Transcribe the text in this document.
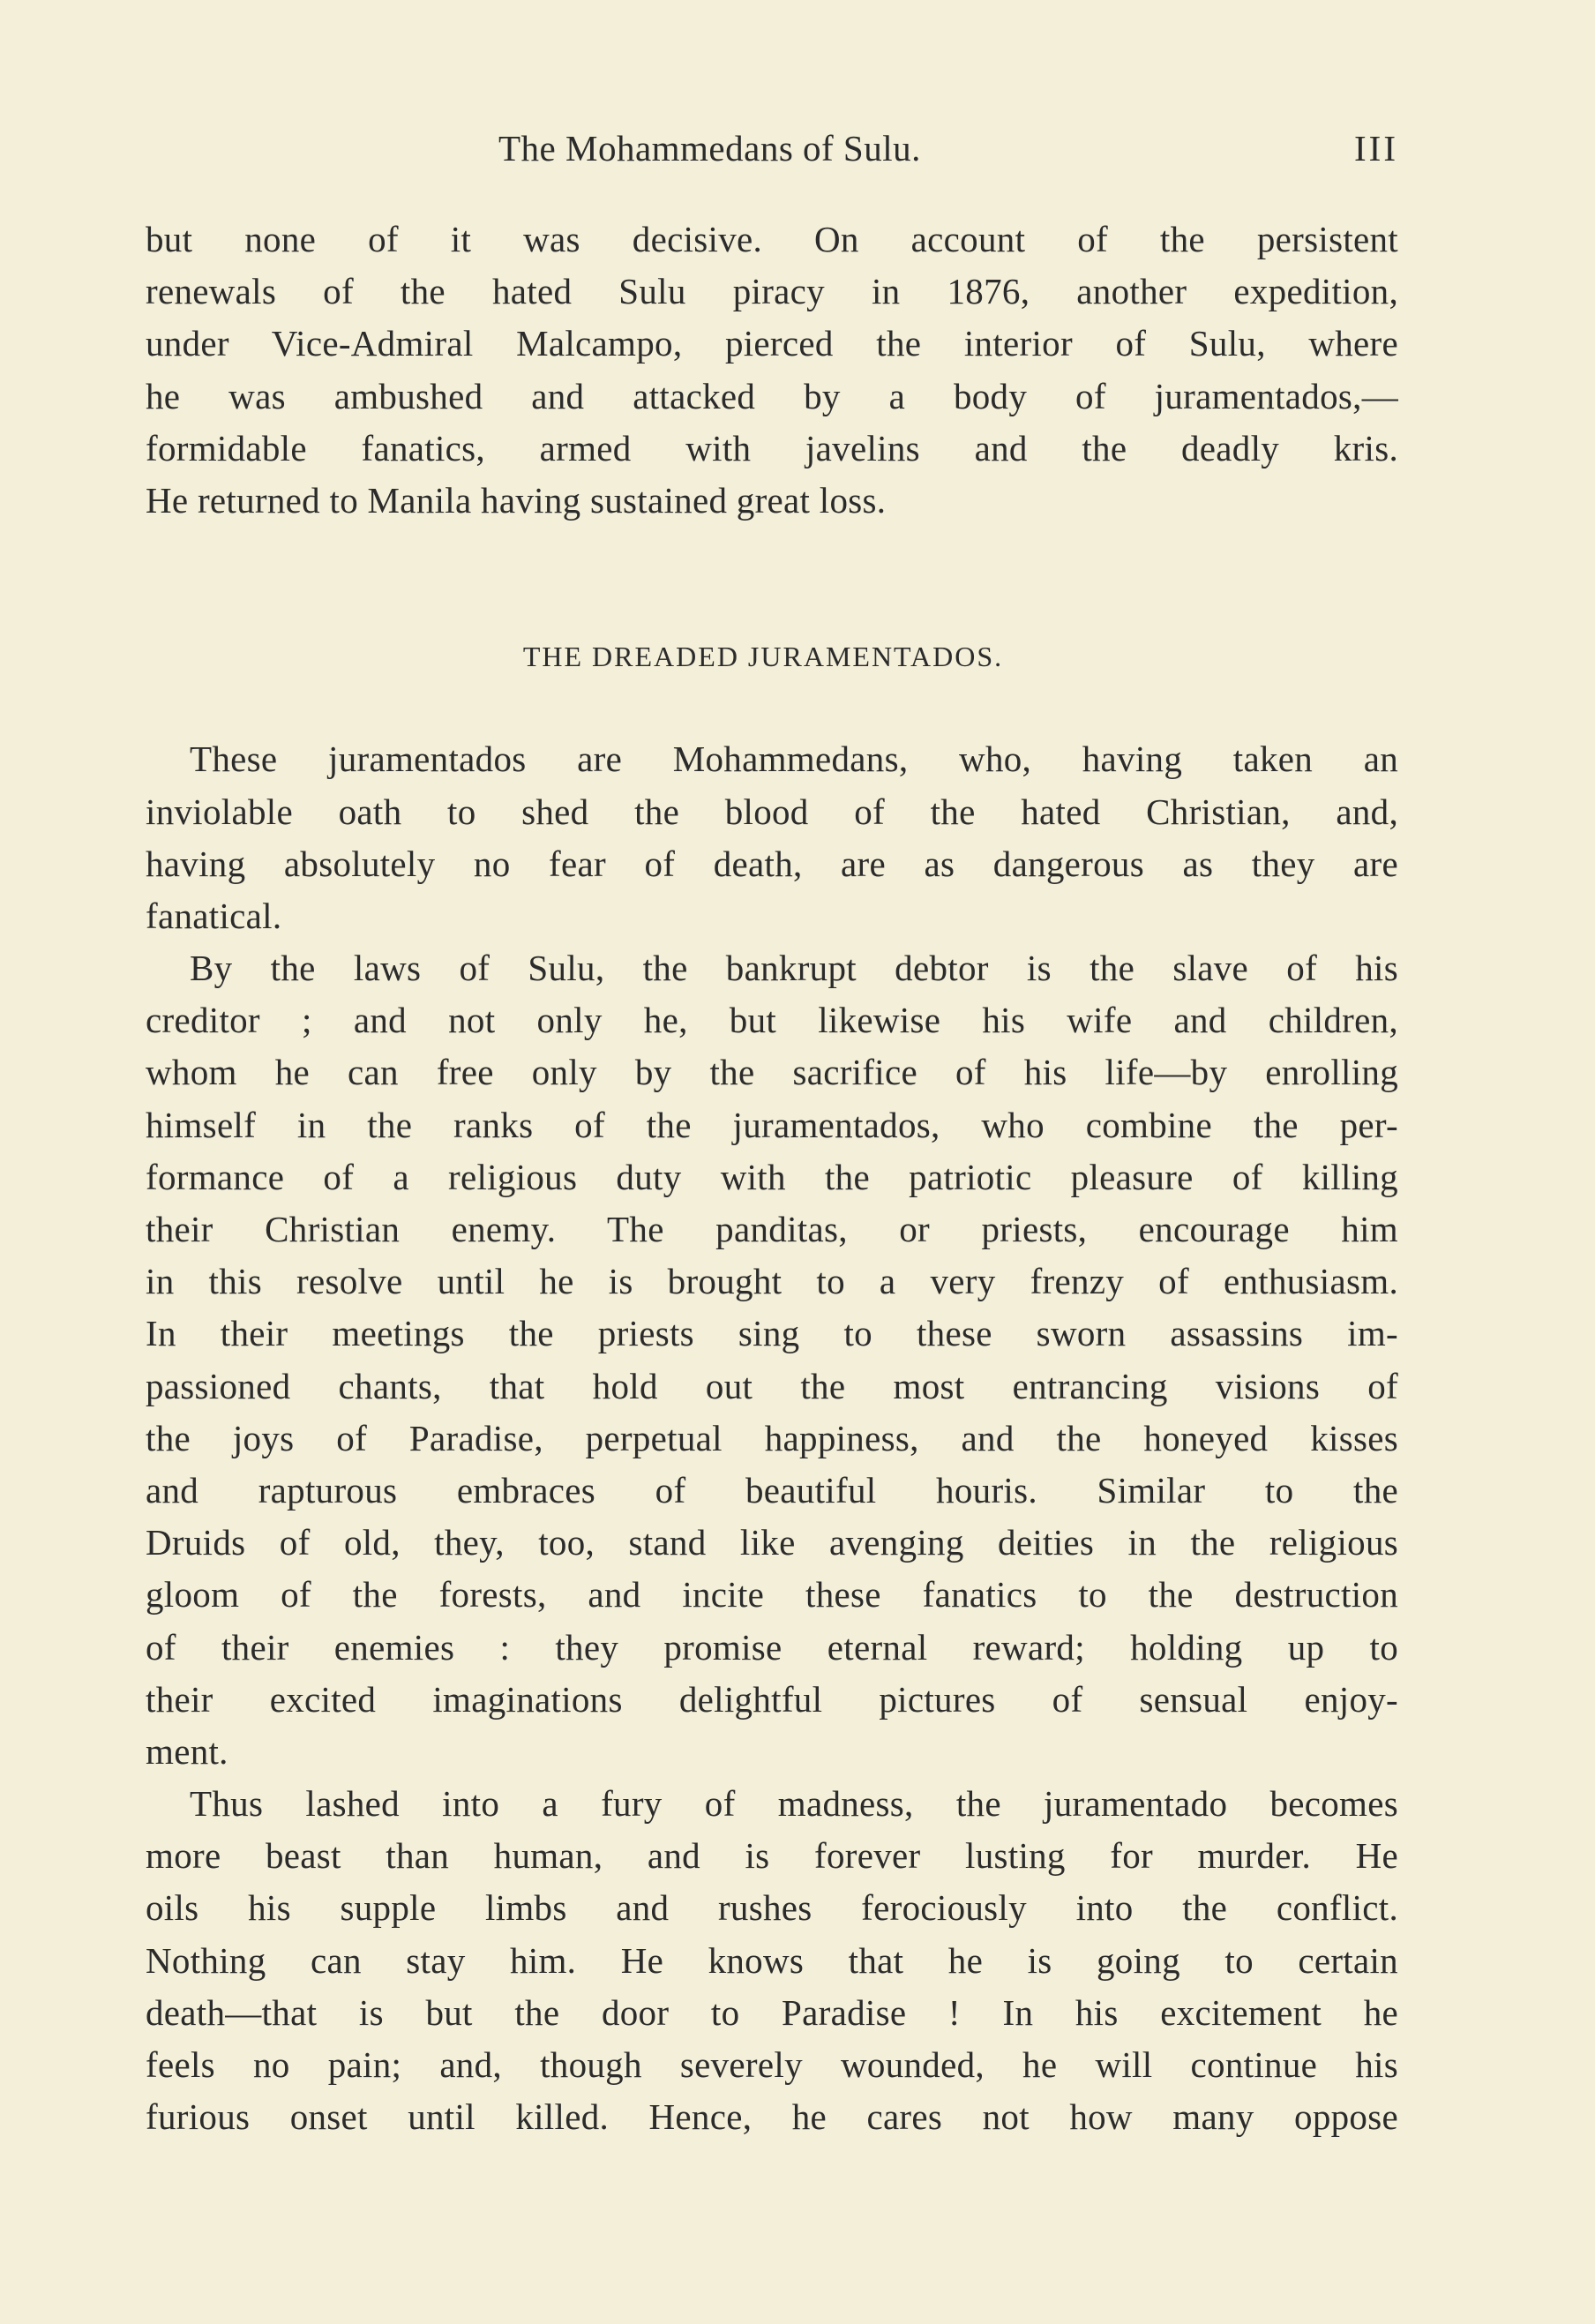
The Mohammedans of Sulu.	III
but none of it was decisive. On account of the persistent
renewals of the hated Sulu piracy in 1876, another expedition,
under Vice-Admiral Malcampo, pierced the interior of Sulu, where
he was ambushed and attacked by a body of juramentados,—
formidable fanatics, armed with javelins and the deadly kris.
He returned to Manila having sustained great loss.
THE DREADED JURAMENTADOS.
These juramentados are Mohammedans, who, having taken an
inviolable oath to shed the blood of the hated Christian, and,
having absolutely no fear of death, are as dangerous as they are
fanatical.
By the laws of Sulu, the bankrupt debtor is the slave of his
creditor ; and not only he, but likewise his wife and children,
whom he can free only by the sacrifice of his life—by enrolling
himself in the ranks of the juramentados, who combine the per-
formance of a religious duty with the patriotic pleasure of killing
their Christian enemy. The panditas, or priests, encourage him
in this resolve until he is brought to a very frenzy of enthusiasm.
In their meetings the priests sing to these sworn assassins im-
passioned chants, that hold out the most entrancing visions of
the joys of Paradise, perpetual happiness, and the honeyed kisses
and rapturous embraces of beautiful houris. Similar to the
Druids of old, they, too, stand like avenging deities in the religious
gloom of the forests, and incite these fanatics to the destruction
of their enemies : they promise eternal reward; holding up to
their excited imaginations delightful pictures of sensual enjoy-
ment.
Thus lashed into a fury of madness, the juramentado becomes
more beast than human, and is forever lusting for murder. He
oils his supple limbs and rushes ferociously into the conflict.
Nothing can stay him. He knows that he is going to certain
death—that is but the door to Paradise ! In his excitement he
feels no pain; and, though severely wounded, he will continue his
furious onset until killed. Hence, he cares not how many oppose
